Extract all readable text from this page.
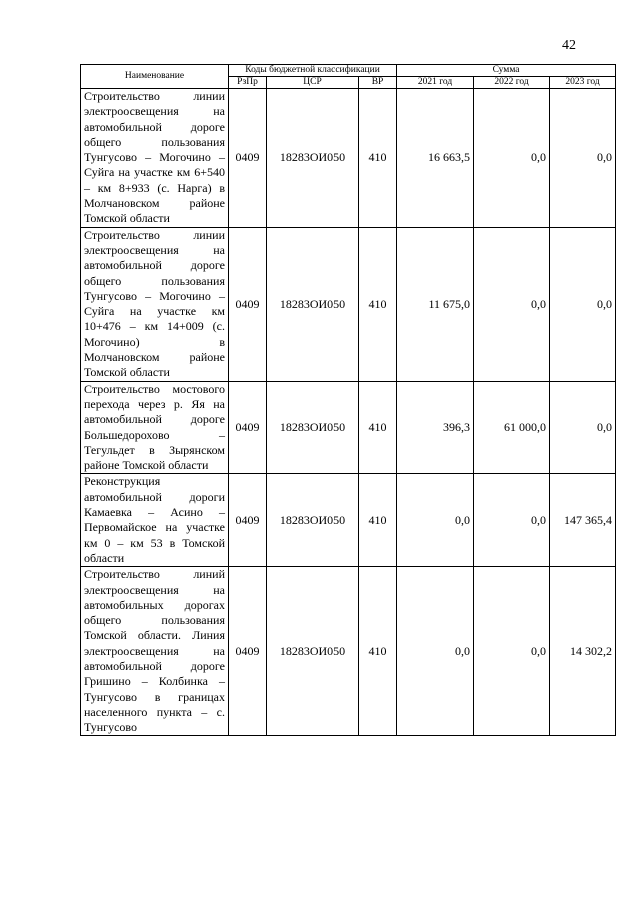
42
Наименование	Коды бюджетной классификации			Сумма		
	РзПр	ЦСР	ВР	2021 год	2022 год	2023 год
Строительство линии электроосвещения на автомобильной дороге общего пользования Тунгусово – Могочино – Суйга на участке км 6+540 – км 8+933 (с. Нарга) в Молчановском районе Томской области	0409	18283ОИ050	410	16 663,5	0,0	0,0
Строительство линии электроосвещения на автомобильной дороге общего пользования Тунгусово – Могочино – Суйга на участке км 10+476 – км 14+009 (с. Могочино) в Молчановском районе Томской области	0409	18283ОИ050	410	11 675,0	0,0	0,0
Строительство мостового перехода через р. Яя на автомобильной дороге Большедорохово – Тегульдет в Зырянском районе Томской области	0409	18283ОИ050	410	396,3	61 000,0	0,0
Реконструкция автомобильной дороги Камаевка – Асино – Первомайское на участке км 0 – км 53 в Томской области	0409	18283ОИ050	410	0,0	0,0	147 365,4
Строительство линий электроосвещения на автомобильных дорогах общего пользования Томской области. Линия электроосвещения на автомобильной дороге Гришино – Колбинка – Тунгусово в границах населенного пункта – с. Тунгусово	0409	18283ОИ050	410	0,0	0,0	14 302,2
